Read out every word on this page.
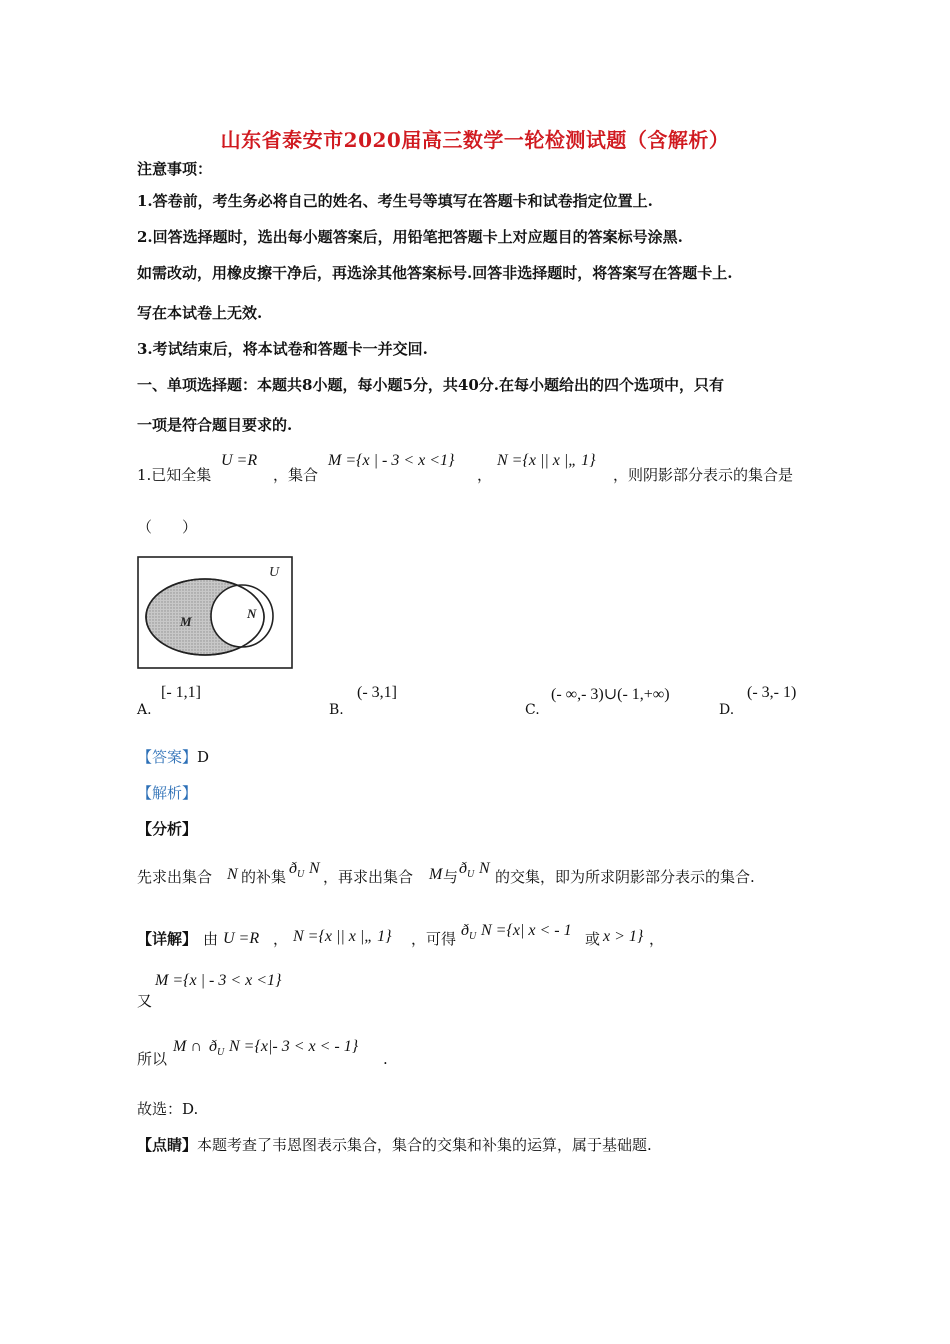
山东省泰安市2020届高三数学一轮检测试题（含解析）
注意事项：
1.答卷前，考生务必将自己的姓名、考生号等填写在答题卡和试卷指定位置上.
2.回答选择题时，选出每小题答案后，用铅笔把答题卡上对应题目的答案标号涂黑.
如需改动，用橡皮擦干净后，再选涂其他答案标号.回答非选择题时，将答案写在答题卡上.
写在本试卷上无效.
3.考试结束后，将本试卷和答题卡一并交回.
一、单项选择题：本题共8小题，每小题5分，共40分.在每小题给出的四个选项中，只有
一项是符合题目要求的.
1.已知全集
U =R
，集合
M ={x | - 3 < x <1}
，
N ={x || x |„ 1}
，则阴影部分表示的集合是
（　　）
U
M
N
A.
[- 1,1]
B.
(- 3,1]
C.
(- ∞,- 3)∪(- 1,+∞)
D.
(- 3,- 1)
【答案】D
【解析】
【分析】
先求出集合 N 的补集 $ð_U$ N ，再求出集合 M 与 $ð_U$ N 的交集，即为所求阴影部分表示的集合.
【详解】 由 U =R ， N ={x || x |„ 1} ，可得 $ð_U$ N ={x| x < - 1 或 x > 1} ，
M ={x | - 3 < x <1}
又
所以
M ∩ $ð_U$ N ={x|- 3 < x < - 1}
.
故选：D.
【点睛】本题考查了韦恩图表示集合，集合的交集和补集的运算，属于基础题.
